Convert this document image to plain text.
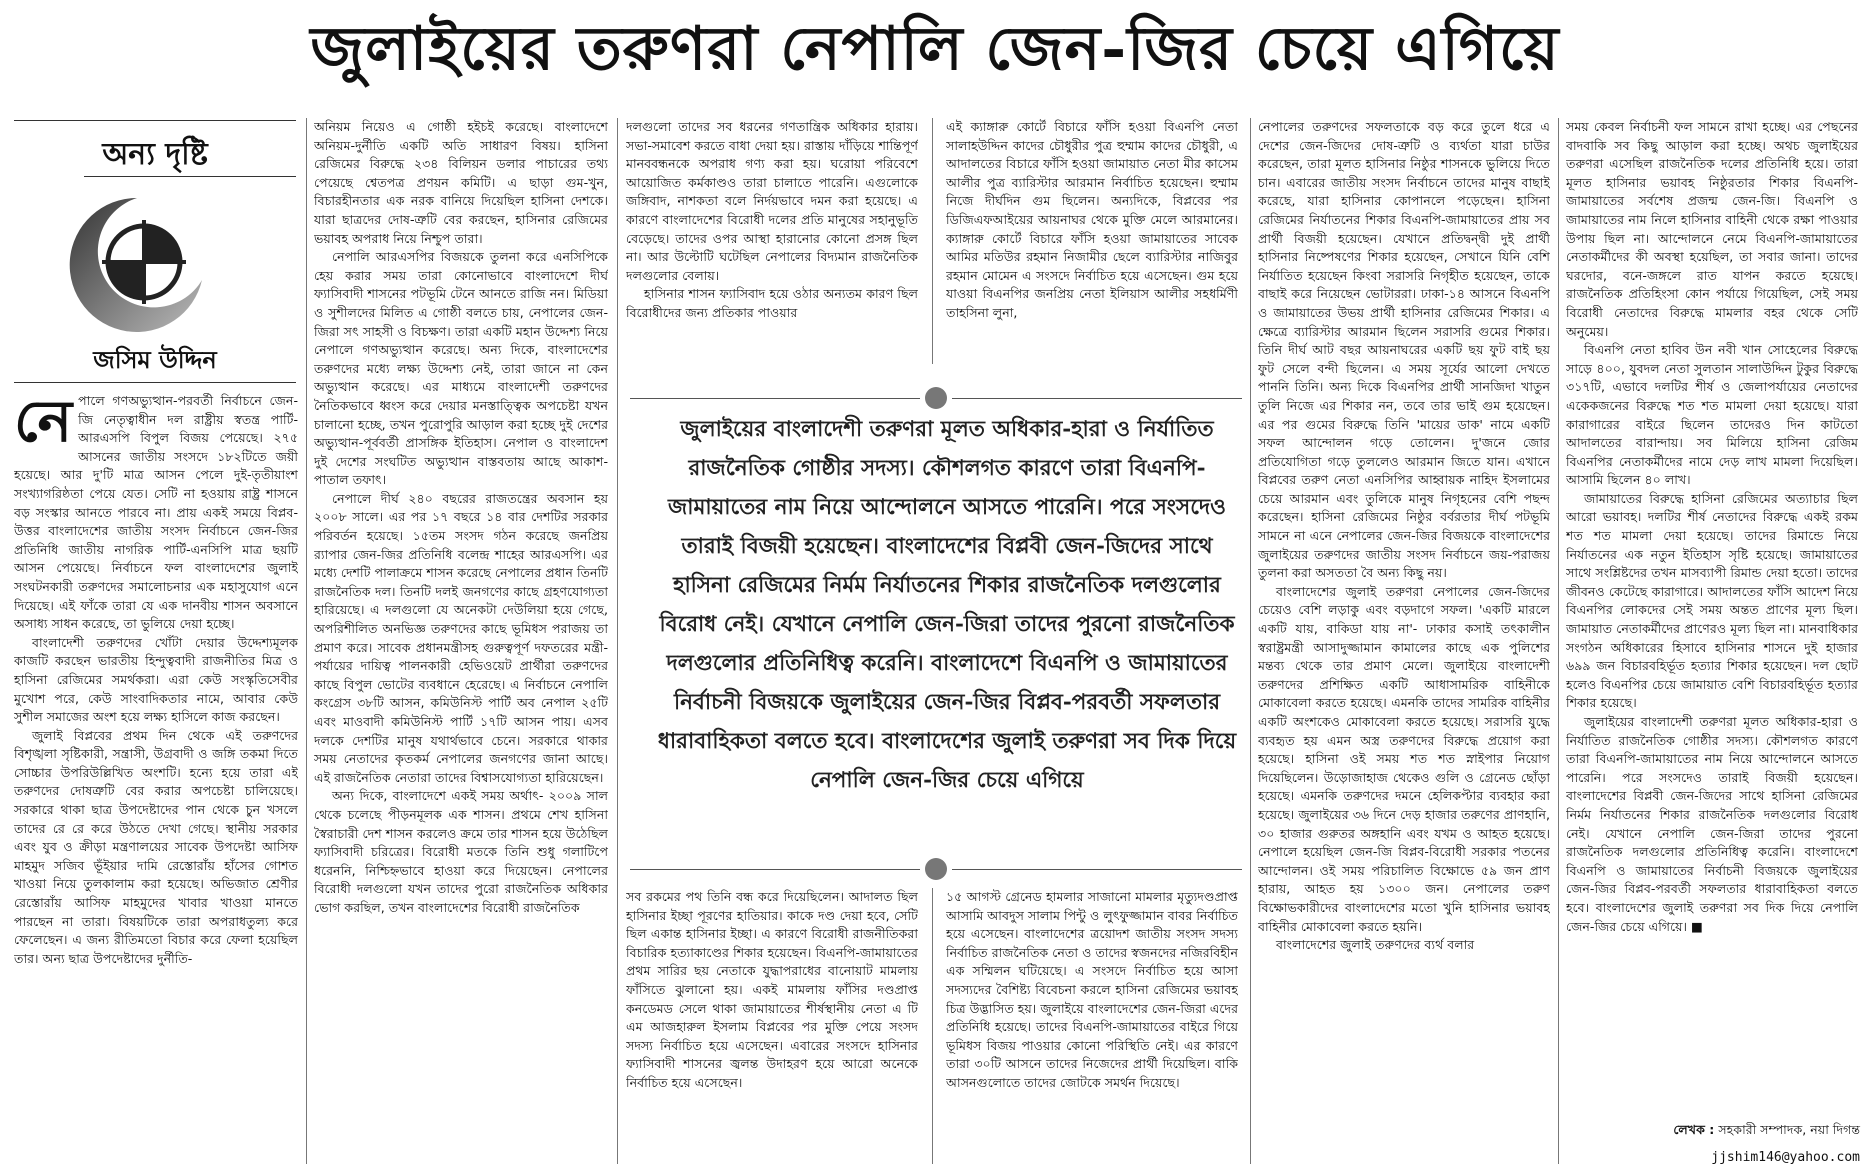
জুলাইয়ের তরুণরা নেপালি জেন-জির চেয়ে এগিয়ে
অন্য দৃষ্টি
জসিম উদ্দিন

নেপালে গণঅভ্যুত্থান-পরবর্তী নির্বাচনে জেন-জি নেতৃত্বাধীন দল রাষ্ট্রীয় স্বতন্ত্র পার্টি-আরএসপি বিপুল বিজয় পেয়েছে। ২৭৫ আসনের জাতীয় সংসদে ১৮২টিতে জয়ী হয়েছে। আর দু'টি মাত্র আসন পেলে দুই-তৃতীয়াংশ সংখ্যাগরিষ্ঠতা পেয়ে যেত। সেটি না হওয়ায় রাষ্ট্র শাসনে বড় সংস্কার আনতে পারবে না। প্রায় একই সময়ে বিপ্লব-উত্তর বাংলাদেশের জাতীয় সংসদ নির্বাচনে জেন-জির প্রতিনিধি জাতীয় নাগরিক পার্টি-এনসিপি মাত্র ছয়টি আসন পেয়েছে। নির্বাচনে ফল বাংলাদেশের জুলাই সংঘটনকারী তরুণদের সমালোচনার এক মহাসুযোগ এনে দিয়েছে। এই ফাঁকে তারা যে এক দানবীয় শাসন অবসানে অসাধ্য সাধন করেছে, তা ভুলিয়ে দেয়া হচ্ছে।

বাংলাদেশী তরুণদের খোঁটা দেয়ার উদ্দেশ্যমূলক কাজটি করছেন ভারতীয় হিন্দুত্ববাদী রাজনীতির মিত্র ও হাসিনা রেজিমের সমর্থকরা। এরা কেউ সংস্কৃতিসেবীর মুখোশ পরে, কেউ সাংবাদিকতার নামে, আবার কেউ সুশীল সমাজের অংশ হয়ে লক্ষ্য হাসিলে কাজ করছেন।

জুলাই বিপ্লবের প্রথম দিন থেকে এই তরুণদের বিশৃঙ্খলা সৃষ্টিকারী, সন্ত্রাসী, উগ্রবাদী ও জঙ্গি তকমা দিতে সোচ্চার উপরিউল্লিখিত অংশটি। হন্যে হয়ে তারা এই তরুণদের দোষত্রুটি বের করার অপচেষ্টা চালিয়েছে। সরকারে থাকা ছাত্র উপদেষ্টাদের পান থেকে চুন খসলে তাদের রে রে করে উঠতে দেখা গেছে। স্থানীয় সরকার এবং যুব ও ক্রীড়া মন্ত্রণালয়ের সাবেক উপদেষ্টা আসিফ মাহমুদ সজিব ভূঁইয়ার দামি রেস্তোরাঁয় হাঁসের গোশত খাওয়া নিয়ে তুলকালাম করা হয়েছে। অভিজাত শ্রেণীর রেস্তোরাঁয় আসিফ মাহমুদের খাবার খাওয়া মানতে পারছেন না তারা। বিষয়টিকে তারা অপরাধতুল্য করে ফেলেছেন। এ জন্য রীতিমতো বিচার করে ফেলা হয়েছিল তার। অন্য ছাত্র উপদেষ্টাদের দুর্নীতি-

অনিয়ম নিয়েও এ গোষ্ঠী হইচই করেছে। বাংলাদেশে অনিয়ম-দুর্নীতি একটি অতি সাধারণ বিষয়। হাসিনা রেজিমের বিরুদ্ধে ২৩৪ বিলিয়ন ডলার পাচারের তথ্য পেয়েছে শ্বেতপত্র প্রণয়ন কমিটি। এ ছাড়া গুম-খুন, বিচারহীনতার এক নরক বানিয়ে দিয়েছিল হাসিনা দেশকে। যারা ছাত্রদের দোষ-ত্রুটি বের করছেন, হাসিনার রেজিমের ভয়াবহ অপরাধ নিয়ে নিশ্চুপ তারা।

নেপালি আরএসপির বিজয়কে তুলনা করে এনসিপিকে হেয় করার সময় তারা কোনোভাবে বাংলাদেশে দীর্ঘ ফ্যাসিবাদী শাসনের পটভূমি টেনে আনতে রাজি নন। মিডিয়া ও সুশীলদের মিলিত এ গোষ্ঠী বলতে চায়, নেপালের জেন-জিরা সৎ সাহসী ও বিচক্ষণ। তারা একটি মহান উদ্দেশ্য নিয়ে নেপালে গণঅভ্যুত্থান করেছে। অন্য দিকে, বাংলাদেশের তরুণদের মধ্যে লক্ষ্য উদ্দেশ্য নেই, তারা জানে না কেন অভ্যুত্থান করেছে। এর মাধ্যমে বাংলাদেশী তরুণদের নৈতিকভাবে ধ্বংস করে দেয়ার মনস্তাত্ত্বিক অপচেষ্টা যখন চালানো হচ্ছে, তখন পুরোপুরি আড়াল করা হচ্ছে দুই দেশের অভ্যুত্থান-পূর্ববর্তী প্রাসঙ্গিক ইতিহাস। নেপাল ও বাংলাদেশ দুই দেশের সংঘটিত অভ্যুত্থান বাস্তবতায় আছে আকাশ-পাতাল তফাৎ।

নেপালে দীর্ঘ ২৪০ বছরের রাজতন্ত্রের অবসান হয় ২০০৮ সালে। এর পর ১৭ বছরে ১৪ বার দেশটির সরকার পরিবর্তন হয়েছে। ১৫তম সংসদ গঠন করেছে জনপ্রিয় র‍্যাপার জেন-জির প্রতিনিধি বলেন্দ্র শাহের আরএসপি। এর মধ্যে দেশটি পালাক্রমে শাসন করেছে নেপালের প্রধান তিনটি রাজনৈতিক দল। তিনটি দলই জনগণের কাছে গ্রহণযোগ্যতা হারিয়েছে। এ দলগুলো যে অনেকটা দেউলিয়া হয়ে গেছে, অপরিশীলিত অনভিজ্ঞ তরুণদের কাছে ভূমিধস পরাজয় তা প্রমাণ করে। সাবেক প্রধানমন্ত্রীসহ গুরুত্বপূর্ণ দফতরের মন্ত্রী-পর্যায়ের দায়িত্ব পালনকারী হেভিওয়েট প্রার্থীরা তরুণদের কাছে বিপুল ভোটের ব্যবধানে হেরেছে। এ নির্বাচনে নেপালি কংগ্রেস ৩৮টি আসন, কমিউনিস্ট পার্টি অব নেপাল ২৫টি এবং মাওবাদী কমিউনিস্ট পার্টি ১৭টি আসন পায়। এসব দলকে দেশটির মানুষ যথার্থভাবে চেনে। সরকারে থাকার সময় নেতাদের কৃতকর্ম নেপালের জনগণের জানা আছে। এই রাজনৈতিক নেতারা তাদের বিশ্বাসযোগ্যতা হারিয়েছেন।

অন্য দিকে, বাংলাদেশে একই সময় অর্থাৎ- ২০০৯ সাল থেকে চলেছে পীড়নমূলক এক শাসন। প্রথমে শেখ হাসিনা স্বৈরাচারী দেশ শাসন করলেও ক্রমে তার শাসন হয়ে উঠেছিল ফ্যাসিবাদী চরিত্রের। বিরোধী মতকে তিনি শুধু গলাটিপে ধরেননি, নিশ্চিহ্নভাবে হাওয়া করে দিয়েছেন। নেপালের বিরোধী দলগুলো যখন তাদের পুরো রাজনৈতিক অধিকার ভোগ করছিল, তখন বাংলাদেশের বিরোধী রাজনৈতিক

দলগুলো তাদের সব ধরনের গণতান্ত্রিক অধিকার হারায়। সভা-সমাবেশ করতে বাধা দেয়া হয়। রাস্তায় দাঁড়িয়ে শান্তিপূর্ণ মানববন্ধনকে অপরাধ গণ্য করা হয়। ঘরোয়া পরিবেশে আয়োজিত কর্মকাণ্ডও তারা চালাতে পারেনি। এগুলোকে জঙ্গিবাদ, নাশকতা বলে নির্দয়ভাবে দমন করা হয়েছে। এ কারণে বাংলাদেশের বিরোধী দলের প্রতি মানুষের সহানুভূতি বেড়েছে। তাদের ওপর আস্থা হারানোর কোনো প্রসঙ্গ ছিল না। আর উল্টোটি ঘটেছিল নেপালের বিদ্যমান রাজনৈতিক দলগুলোর বেলায়।

হাসিনার শাসন ফ্যাসিবাদ হয়ে ওঠার অন্যতম কারণ ছিল বিরোধীদের জন্য প্রতিকার পাওয়ার

এই ক্যাঙ্গারু কোর্টে বিচারে ফাঁসি হওয়া বিএনপি নেতা সালাহউদ্দিন কাদের চৌধুরীর পুত্র হুম্মাম কাদের চৌধুরী, এ আদালতের বিচারে ফাঁসি হওয়া জামায়াত নেতা মীর কাসেম আলীর পুত্র ব্যারিস্টার আরমান নির্বাচিত হয়েছেন। হুম্মাম নিজে দীর্ঘদিন গুম ছিলেন। অন্যদিকে, বিপ্লবের পর ডিজিএফআইয়ের আয়নাঘর থেকে মুক্তি মেলে আরমানের। ক্যাঙ্গারু কোর্টে বিচারে ফাঁসি হওয়া জামায়াতের সাবেক আমির মতিউর রহমান নিজামীর ছেলে ব্যারিস্টার নাজিবুর রহমান মোমেন এ সংসদে নির্বাচিত হয়ে এসেছেন। গুম হয়ে যাওয়া বিএনপির জনপ্রিয় নেতা ইলিয়াস আলীর সহধর্মিণী তাহসিনা লুনা,

জুলাইয়ের বাংলাদেশী তরুণরা মূলত অধিকার-হারা ও নির্যাতিত রাজনৈতিক গোষ্ঠীর সদস্য। কৌশলগত কারণে তারা বিএনপি-জামায়াতের নাম নিয়ে আন্দোলনে আসতে পারেনি। পরে সংসদেও তারাই বিজয়ী হয়েছেন। বাংলাদেশের বিপ্লবী জেন-জিদের সাথে হাসিনা রেজিমের নির্মম নির্যাতনের শিকার রাজনৈতিক দলগুলোর বিরোধ নেই। যেখানে নেপালি জেন-জিরা তাদের পুরনো রাজনৈতিক দলগুলোর প্রতিনিধিত্ব করেনি। বাংলাদেশে বিএনপি ও জামায়াতের নির্বাচনী বিজয়কে জুলাইয়ের জেন-জির বিপ্লব-পরবর্তী সফলতার ধারাবাহিকতা বলতে হবে। বাংলাদেশের জুলাই তরুণরা সব দিক দিয়ে নেপালি জেন-জির চেয়ে এগিয়ে

সব রকমের পথ তিনি বন্ধ করে দিয়েছিলেন। আদালত ছিল হাসিনার ইচ্ছা পূরণের হাতিয়ার। কাকে দণ্ড দেয়া হবে, সেটি ছিল একান্ত হাসিনার ইচ্ছা। এ কারণে বিরোধী রাজনীতিকরা বিচারিক হত্যাকাণ্ডের শিকার হয়েছেন। বিএনপি-জামায়াতের প্রথম সারির ছয় নেতাকে যুদ্ধাপরাধের বানোয়াট মামলায় ফাঁসিতে ঝুলানো হয়। একই মামলায় ফাঁসির দণ্ডপ্রাপ্ত কনডেমড সেলে থাকা জামায়াতের শীর্ষস্থানীয় নেতা এ টি এম আজহারুল ইসলাম বিপ্লবের পর মুক্তি পেয়ে সংসদ সদস্য নির্বাচিত হয়ে এসেছেন। এবারের সংসদে হাসিনার ফ্যাসিবাদী শাসনের জ্বলন্ত উদাহরণ হয়ে আরো অনেকে নির্বাচিত হয়ে এসেছেন।

১৫ আগস্ট গ্রেনেড হামলার সাজানো মামলার মৃত্যুদণ্ডপ্রাপ্ত আসামি আবদুস সালাম পিন্টু ও লুৎফুজ্জামান বাবর নির্বাচিত হয়ে এসেছেন। বাংলাদেশের ত্রয়োদশ জাতীয় সংসদ সদস্য নির্বাচিত রাজনৈতিক নেতা ও তাদের স্বজনদের নজিরবিহীন এক সম্মিলন ঘটিয়েছে। এ সংসদে নির্বাচিত হয়ে আসা সদস্যদের বৈশিষ্ট্য বিবেচনা করলে হাসিনা রেজিমের ভয়াবহ চিত্র উদ্ভাসিত হয়। জুলাইয়ে বাংলাদেশের জেন-জিরা এদের প্রতিনিধি হয়েছে। তাদের বিএনপি-জামায়াতের বাইরে গিয়ে ভূমিধস বিজয় পাওয়ার কোনো পরিস্থিতি নেই। এর কারণে তারা ৩০টি আসনে তাদের নিজেদের প্রার্থী দিয়েছিল। বাকি আসনগুলোতে তাদের জোটকে সমর্থন দিয়েছে।

নেপালের তরুণদের সফলতাকে বড় করে তুলে ধরে এ দেশের জেন-জিদের দোষ-ত্রুটি ও ব্যর্থতা যারা চাউর করেছেন, তারা মূলত হাসিনার নিষ্ঠুর শাসনকে ভুলিয়ে দিতে চান। এবারের জাতীয় সংসদ নির্বাচনে তাদের মানুষ বাছাই করেছে, যারা হাসিনার কোপানলে পড়েছেন। হাসিনা রেজিমের নির্যাতনের শিকার বিএনপি-জামায়াতের প্রায় সব প্রার্থী বিজয়ী হয়েছেন। যেখানে প্রতিদ্বন্দ্বী দুই প্রার্থী হাসিনার নিষ্পেষণের শিকার হয়েছেন, সেখানে যিনি বেশি নির্যাতিত হয়েছেন কিংবা সরাসরি নিগৃহীত হয়েছেন, তাকে বাছাই করে নিয়েছেন ভোটাররা। ঢাকা-১৪ আসনে বিএনপি ও জামায়াতের উভয় প্রার্থী হাসিনার রেজিমের শিকার। এ ক্ষেত্রে ব্যারিস্টার আরমান ছিলেন সরাসরি গুমের শিকার। তিনি দীর্ঘ আট বছর আয়নাঘরের একটি ছয় ফুট বাই ছয় ফুট সেলে বন্দী ছিলেন। এ সময় সূর্যের আলো দেখতে পাননি তিনি। অন্য দিকে বিএনপির প্রার্থী সানজিদা খাতুন তুলি নিজে এর শিকার নন, তবে তার ভাই গুম হয়েছেন। এর পর গুমের বিরুদ্ধে তিনি 'মায়ের ডাক' নামে একটি সফল আন্দোলন গড়ে তোলেন। দু'জনে জোর প্রতিযোগিতা গড়ে তুললেও আরমান জিতে যান। এখানে বিপ্লবের তরুণ নেতা এনসিপির আহ্বায়ক নাহিদ ইসলামের চেয়ে আরমান এবং তুলিকে মানুষ নিগৃহনের বেশি পছন্দ করেছেন। হাসিনা রেজিমের নিষ্ঠুর বর্বরতার দীর্ঘ পটভূমি সামনে না এনে নেপালের জেন-জির বিজয়কে বাংলাদেশের জুলাইয়ের তরুণদের জাতীয় সংসদ নির্বাচনে জয়-পরাজয় তুলনা করা অসততা বৈ অন্য কিছু নয়।

বাংলাদেশের জুলাই তরুণরা নেপালের জেন-জিদের চেয়েও বেশি লড়াকু এবং বড়দাগে সফল। 'একটি মারলে একটি যায়, বাকিডা যায় না'- ঢাকার কসাই তৎকালীন স্বরাষ্ট্রমন্ত্রী আসাদুজ্জামান কামালের কাছে এক পুলিশের মন্তব্য থেকে তার প্রমাণ মেলে। জুলাইয়ে বাংলাদেশী তরুণদের প্রশিক্ষিত একটি আধাসামরিক বাহিনীকে মোকাবেলা করতে হয়েছে। এমনকি তাদের সামরিক বাহিনীর একটি অংশকেও মোকাবেলা করতে হয়েছে। সরাসরি যুদ্ধে ব্যবহৃত হয় এমন অস্ত্র তরুণদের বিরুদ্ধে প্রয়োগ করা হয়েছে। হাসিনা ওই সময় শত শত স্নাইপার নিয়োগ দিয়েছিলেন। উড়োজাহাজ থেকেও গুলি ও গ্রেনেড ছোঁড়া হয়েছে। এমনকি তরুণদের দমনে হেলিকপ্টার ব্যবহার করা হয়েছে। জুলাইয়ের ৩৬ দিনে দেড় হাজার তরুণের প্রাণহানি, ৩০ হাজার গুরুতর অঙ্গহানি এবং যখম ও আহত হয়েছে। নেপালে হয়েছিল জেন-জি বিপ্লব-বিরোধী সরকার পতনের আন্দোলন। ওই সময় পরিচালিত বিক্ষোভে ৫৯ জন প্রাণ হারায়, আহত হয় ১৩০০ জন। নেপালের তরুণ বিক্ষোভকারীদের বাংলাদেশের মতো খুনি হাসিনার ভয়াবহ বাহিনীর মোকাবেলা করতে হয়নি।

বাংলাদেশের জুলাই তরুণদের ব্যর্থ বলার

সময় কেবল নির্বাচনী ফল সামনে রাখা হচ্ছে। এর পেছনের বাদবাকি সব কিছু আড়াল করা হচ্ছে। অথচ জুলাইয়ের তরুণরা এসেছিল রাজনৈতিক দলের প্রতিনিধি হয়ে। তারা মূলত হাসিনার ভয়াবহ নিষ্ঠুরতার শিকার বিএনপি-জামায়াতের সর্বশেষ প্রজন্ম জেন-জি। বিএনপি ও জামায়াতের নাম নিলে হাসিনার বাহিনী থেকে রক্ষা পাওয়ার উপায় ছিল না। আন্দোলনে নেমে বিএনপি-জামায়াতের নেতাকর্মীদের কী অবস্থা হয়েছিল, তা সবার জানা। তাদের ঘরদোর, বনে-জঙ্গলে রাত যাপন করতে হয়েছে। রাজনৈতিক প্রতিহিংসা কোন পর্যায়ে গিয়েছিল, সেই সময় বিরোধী নেতাদের বিরুদ্ধে মামলার বহর থেকে সেটি অনুমেয়।

বিএনপি নেতা হাবিব উন নবী খান সোহেলের বিরুদ্ধে সাড়ে ৪০০, যুবদল নেতা সুলতান সালাউদ্দিন টুকুর বিরুদ্ধে ৩১৭টি, এভাবে দলটির শীর্ষ ও জেলাপর্যায়ের নেতাদের একেকজনের বিরুদ্ধে শত শত মামলা দেয়া হয়েছে। যারা কারাগারের বাইরে ছিলেন তাদেরও দিন কাটতো আদালতের বারান্দায়। সব মিলিয়ে হাসিনা রেজিম বিএনপির নেতাকর্মীদের নামে দেড় লাখ মামলা দিয়েছিল। আসামি ছিলেন ৪০ লাখ।

জামায়াতের বিরুদ্ধে হাসিনা রেজিমের অত্যাচার ছিল আরো ভয়াবহ। দলটির শীর্ষ নেতাদের বিরুদ্ধে একই রকম শত শত মামলা দেয়া হয়েছে। তাদের রিমান্ডে নিয়ে নির্যাতনের এক নতুন ইতিহাস সৃষ্টি হয়েছে। জামায়াতের সাথে সংশ্লিষ্টদের তখন মাসব্যাপী রিমান্ড দেয়া হতো। তাদের জীবনও কেটেছে কারাগারে। আদালতের ফাঁসি আদেশ নিয়ে বিএনপির লোকদের সেই সময় অন্তত প্রাণের মূল্য ছিল। জামায়াত নেতাকর্মীদের প্রাণেরও মূল্য ছিল না। মানবাধিকার সংগঠন অধিকারের হিসাবে হাসিনার শাসনে দুই হাজার ৬৯৯ জন বিচারবহির্ভূত হত্যার শিকার হয়েছেন। দল ছোট হলেও বিএনপির চেয়ে জামায়াত বেশি বিচারবহির্ভূত হত্যার শিকার হয়েছে।

জুলাইয়ের বাংলাদেশী তরুণরা মূলত অধিকার-হারা ও নির্যাতিত রাজনৈতিক গোষ্ঠীর সদস্য। কৌশলগত কারণে তারা বিএনপি-জামায়াতের নাম নিয়ে আন্দোলনে আসতে পারেনি। পরে সংসদেও তারাই বিজয়ী হয়েছেন। বাংলাদেশের বিপ্লবী জেন-জিদের সাথে হাসিনা রেজিমের নির্মম নির্যাতনের শিকার রাজনৈতিক দলগুলোর বিরোধ নেই। যেখানে নেপালি জেন-জিরা তাদের পুরনো রাজনৈতিক দলগুলোর প্রতিনিধিত্ব করেনি। বাংলাদেশে বিএনপি ও জামায়াতের নির্বাচনী বিজয়কে জুলাইয়ের জেন-জির বিপ্লব-পরবর্তী সফলতার ধারাবাহিকতা বলতে হবে। বাংলাদেশের জুলাই তরুণরা সব দিক দিয়ে নেপালি জেন-জির চেয়ে এগিয়ে। ■

লেখক : সহকারী সম্পাদক, নয়া দিগন্ত
jjshim146@yahoo.com
